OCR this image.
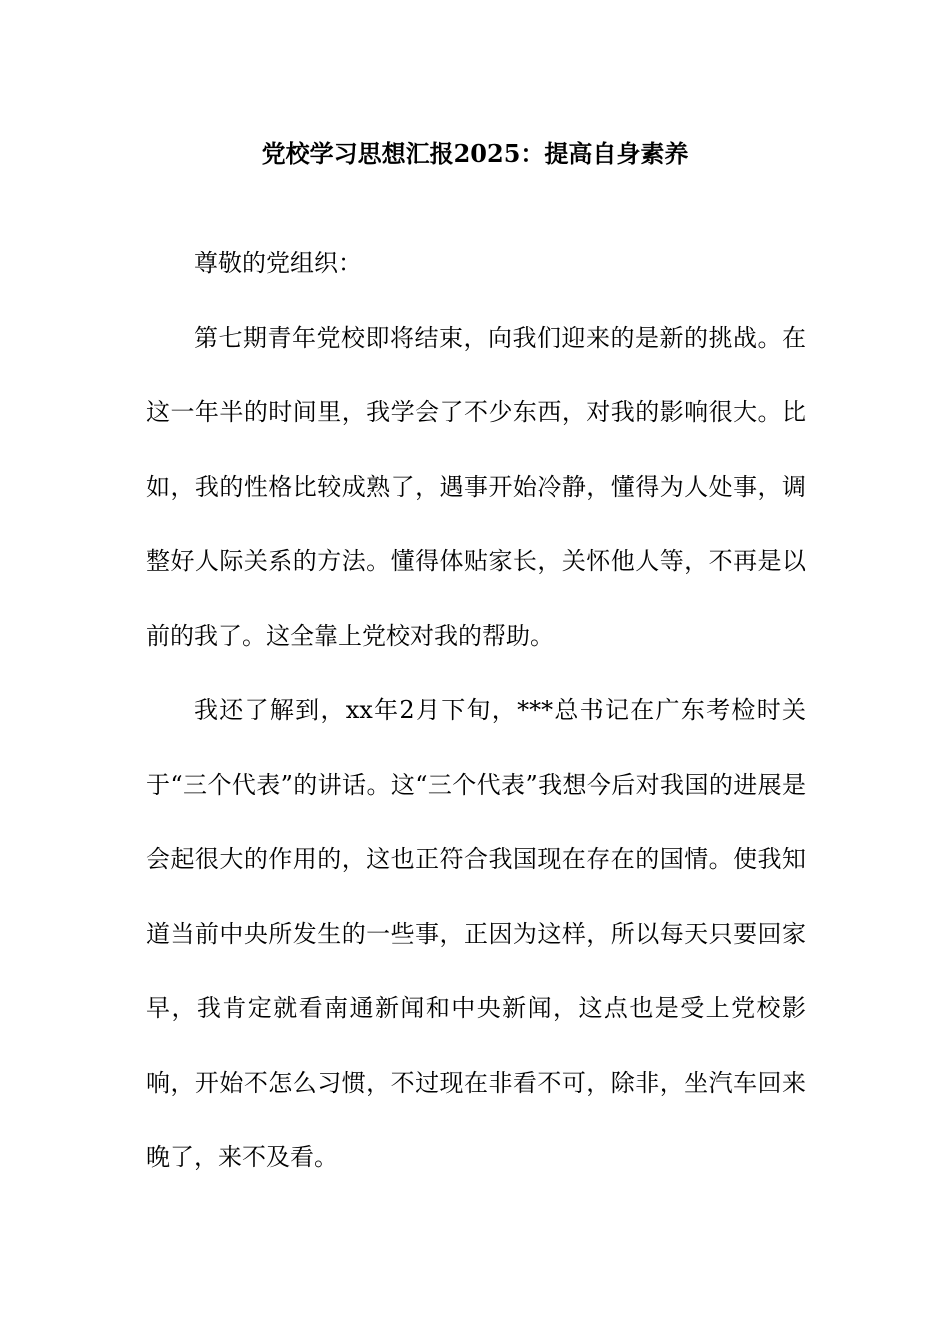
党校学习思想汇报2025：提高自身素养

尊敬的党组织：

第七期青年党校即将结束，向我们迎来的是新的挑战。在这一年半的时间里，我学会了不少东西，对我的影响很大。比如，我的性格比较成熟了，遇事开始冷静，懂得为人处事，调整好人际关系的方法。懂得体贴家长，关怀他人等，不再是以前的我了。这全靠上党校对我的帮助。

我还了解到，xx年2月下旬，***总书记在广东考检时关于“三个代表”的讲话。这“三个代表”我想今后对我国的进展是会起很大的作用的，这也正符合我国现在存在的国情。使我知道当前中央所发生的一些事，正因为这样，所以每天只要回家早，我肯定就看南通新闻和中央新闻，这点也是受上党校影响，开始不怎么习惯，不过现在非看不可，除非，坐汽车回来晚了，来不及看。
